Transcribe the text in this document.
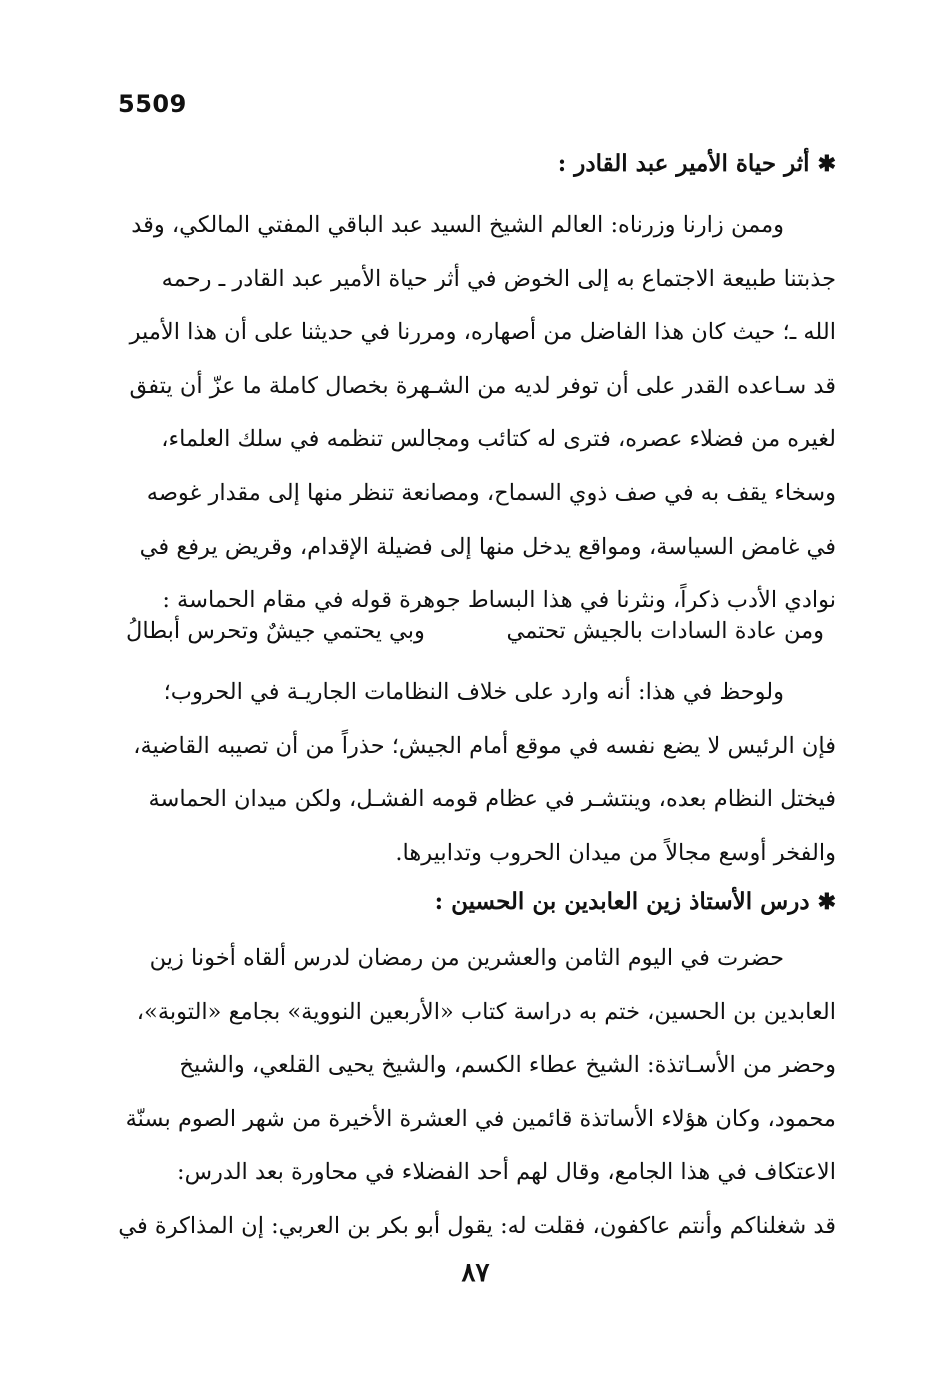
5509
✱أثر حياة الأمير عبد القادر :

وممن زارنا وزرناه: العالم الشيخ السيد عبد الباقي المفتي المالكي، وقد

جذبتنا طبيعة الاجتماع به إلى الخوض في أثر حياة الأمير عبد القادر ـ رحمه

الله ـ؛ حيث كان هذا الفاضل من أصهاره، ومررنا في حديثنا على أن هذا الأمير

قد سـاعده القدر على أن توفر لديه من الشـهرة بخصال كاملة ما عزّ أن يتفق

لغيره من فضلاء عصره، فترى له كتائب ومجالس تنظمه في سلك العلماء،

وسخاء يقف به في صف ذوي السماح، ومصانعة تنظر منها إلى مقدار غوصه

في غامض السياسة، ومواقع يدخل منها إلى فضيلة الإقدام، وقريض يرفع في

نوادي الأدب ذكراً، ونثرنا في هذا البساط جوهرة قوله في مقام الحماسة :

ومن عادة السادات بالجيش تحتمي
وبي يحتمي جيشٌ وتحرس أبطالُ

ولوحظ في هذا: أنه وارد على خلاف النظامات الجاريـة في الحروب؛

فإن الرئيس لا يضع نفسه في موقع أمام الجيش؛ حذراً من أن تصيبه القاضية،

فيختل النظام بعده، وينتشـر في عظام قومه الفشـل، ولكن ميدان الحماسة

والفخر أوسع مجالاً من ميدان الحروب وتدابيرها.

✱درس الأستاذ زين العابدين بن الحسين :

حضرت في اليوم الثامن والعشرين من رمضان لدرس ألقاه أخونا زين

العابدين بن الحسين، ختم به دراسة كتاب «الأربعين النووية» بجامع «التوبة»،

وحضر من الأسـاتذة: الشيخ عطاء الكسم، والشيخ يحيى القلعي، والشيخ

محمود، وكان هؤلاء الأساتذة قائمين في العشرة الأخيرة من شهر الصوم بسنّة

الاعتكاف في هذا الجامع، وقال لهم أحد الفضلاء في محاورة بعد الدرس:

قد شغلناكم وأنتم عاكفون، فقلت له: يقول أبو بكر بن العربي: إن المذاكرة في

٨٧
